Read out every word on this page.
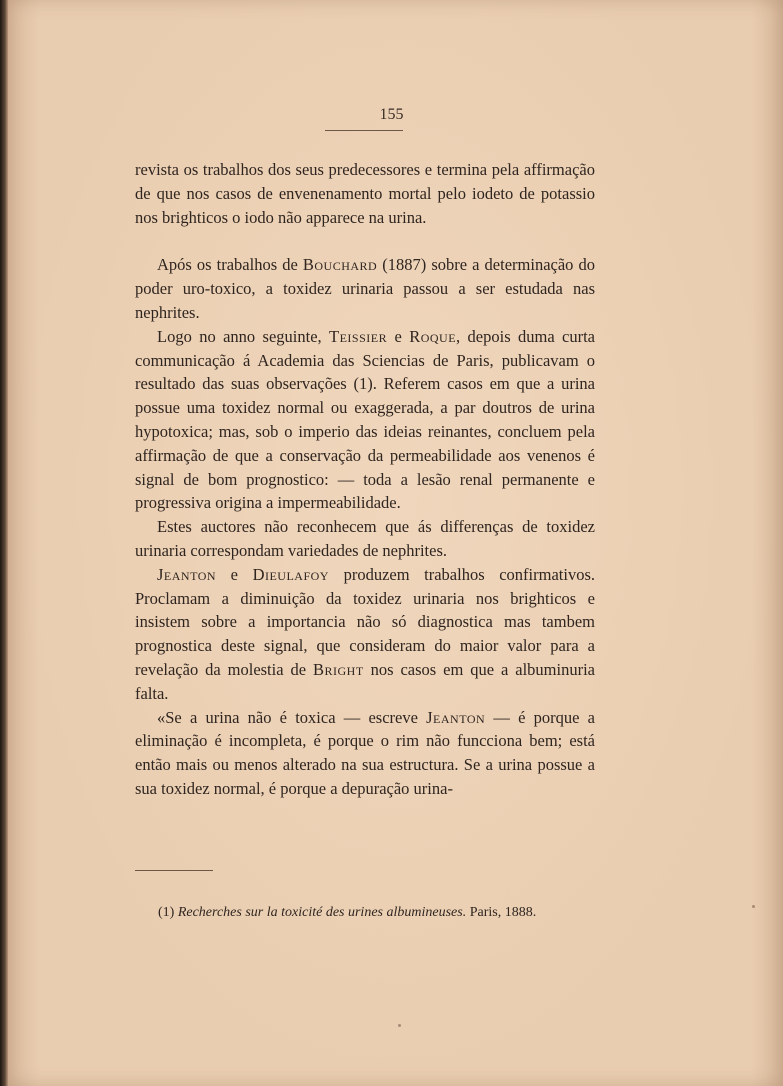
155

revista os trabalhos dos seus predecessores e termina pela affirmação de que nos casos de envenenamento mortal pelo iodeto de potassio nos brighticos o iodo não apparece na urina.

Após os trabalhos de Bouchard (1887) sobre a determinação do poder uro-toxico, a toxidez urinaria passou a ser estudada nas nephrites.

Logo no anno seguinte, Teissier e Roque, depois duma curta communicação á Academia das Sciencias de Paris, publicavam o resultado das suas observações (1). Referem casos em que a urina possue uma toxidez normal ou exaggerada, a par doutros de urina hypotoxica; mas, sob o imperio das ideias reinantes, concluem pela affirmação de que a conservação da permeabilidade aos venenos é signal de bom prognostico: — toda a lesão renal permanente e progressiva origina a impermeabilidade.

Estes auctores não reconhecem que ás differenças de toxidez urinaria correspondam variedades de nephrites.

Jeanton e Dieulafoy produzem trabalhos confirmativos. Proclamam a diminuição da toxidez urinaria nos brighticos e insistem sobre a importancia não só diagnostica mas tambem prognostica deste signal, que consideram do maior valor para a revelação da molestia de Bright nos casos em que a albuminuria falta.

«Se a urina não é toxica — escreve Jeanton — é porque a eliminação é incompleta, é porque o rim não funcciona bem; está então mais ou menos alterado na sua estructura. Se a urina possue a sua toxidez normal, é porque a depuração urina-

(1) Recherches sur la toxicité des urines albumineuses. Paris, 1888.
